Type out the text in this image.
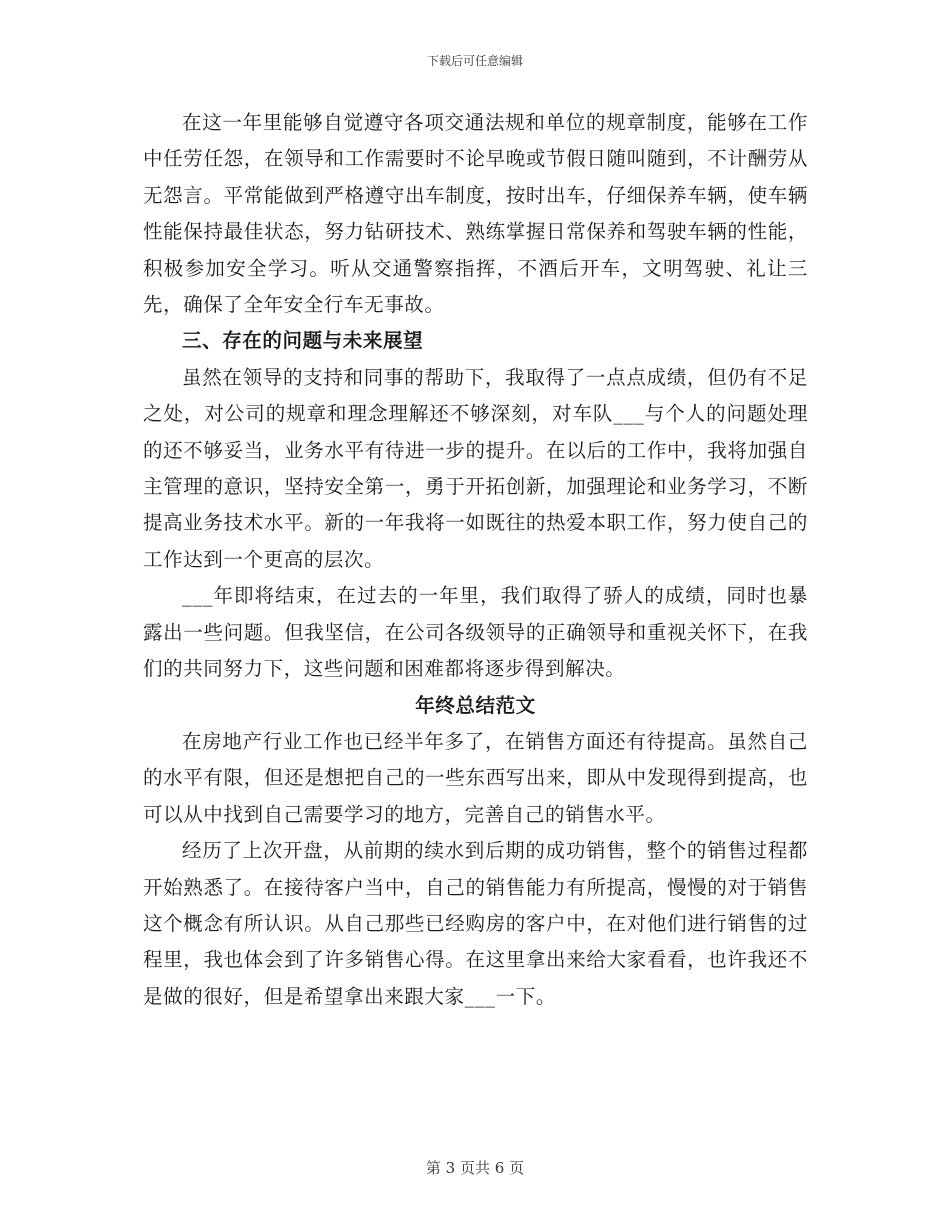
下载后可任意编辑

在这一年里能够自觉遵守各项交通法规和单位的规章制度，能够在工作中任劳任怨，在领导和工作需要时不论早晚或节假日随叫随到，不计酬劳从无怨言。平常能做到严格遵守出车制度，按时出车，仔细保养车辆，使车辆性能保持最佳状态，努力钻研技术、熟练掌握日常保养和驾驶车辆的性能，积极参加安全学习。听从交通警察指挥，不酒后开车，文明驾驶、礼让三先，确保了全年安全行车无事故。

三、存在的问题与未来展望

虽然在领导的支持和同事的帮助下，我取得了一点点成绩，但仍有不足之处，对公司的规章和理念理解还不够深刻，对车队___与个人的问题处理的还不够妥当，业务水平有待进一步的提升。在以后的工作中，我将加强自主管理的意识，坚持安全第一，勇于开拓创新，加强理论和业务学习，不断提高业务技术水平。新的一年我将一如既往的热爱本职工作，努力使自己的工作达到一个更高的层次。

___年即将结束，在过去的一年里，我们取得了骄人的成绩，同时也暴露出一些问题。但我坚信，在公司各级领导的正确领导和重视关怀下，在我们的共同努力下，这些问题和困难都将逐步得到解决。

年终总结范文

在房地产行业工作也已经半年多了，在销售方面还有待提高。虽然自己的水平有限，但还是想把自己的一些东西写出来，即从中发现得到提高，也可以从中找到自己需要学习的地方，完善自己的销售水平。

经历了上次开盘，从前期的续水到后期的成功销售，整个的销售过程都开始熟悉了。在接待客户当中，自己的销售能力有所提高，慢慢的对于销售这个概念有所认识。从自己那些已经购房的客户中，在对他们进行销售的过程里，我也体会到了许多销售心得。在这里拿出来给大家看看，也许我还不是做的很好，但是希望拿出来跟大家___一下。

第 3 页共 6 页
